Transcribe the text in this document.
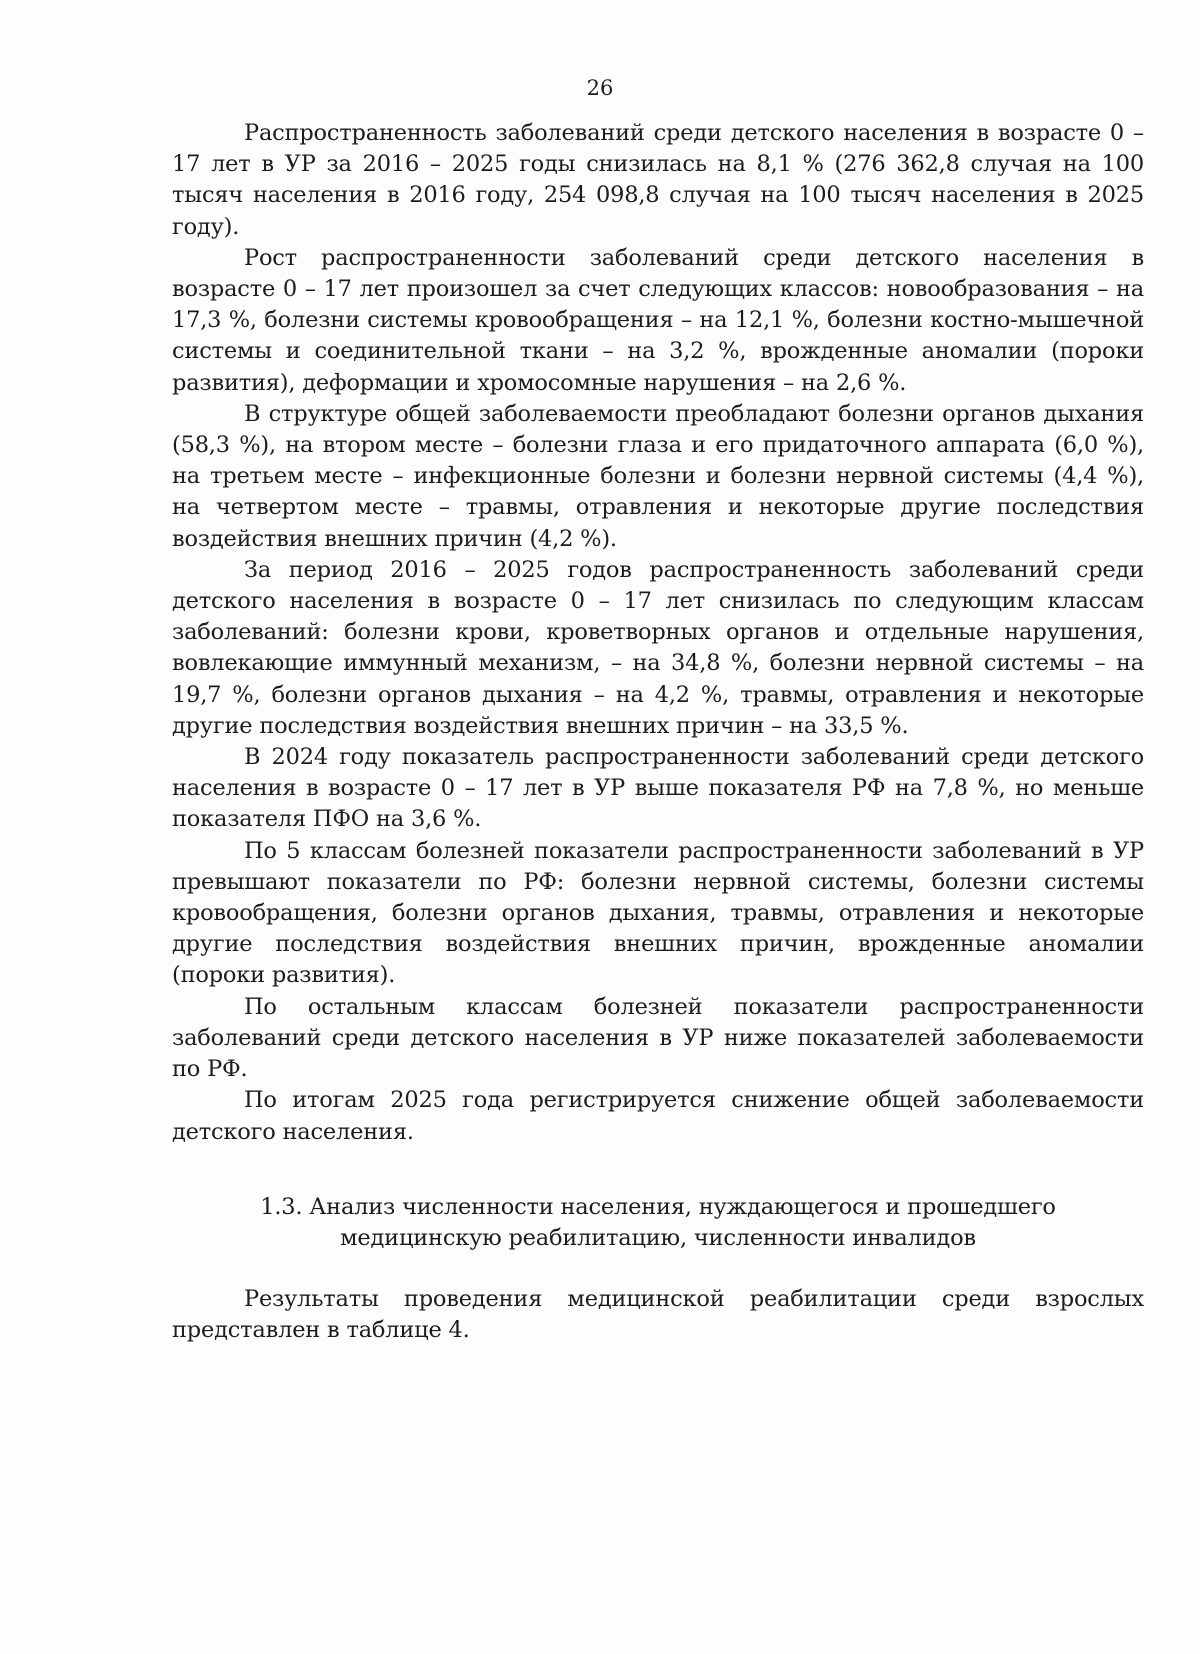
26

Распространенность заболеваний среди детского населения в возрасте 0 – 17 лет в УР за 2016 – 2025 годы снизилась на 8,1 % (276 362,8 случая на 100 тысяч населения в 2016 году, 254 098,8 случая на 100 тысяч населения в 2025 году).

Рост распространенности заболеваний среди детского населения в возрасте 0 – 17 лет произошел за счет следующих классов: новообразования – на 17,3 %, болезни системы кровообращения – на 12,1 %, болезни костно-мышечной системы и соединительной ткани – на 3,2 %, врожденные аномалии (пороки развития), деформации и хромосомные нарушения – на 2,6 %.

В структуре общей заболеваемости преобладают болезни органов дыхания (58,3 %), на втором месте – болезни глаза и его придаточного аппарата (6,0 %), на третьем месте – инфекционные болезни и болезни нервной системы (4,4 %), на четвертом месте – травмы, отравления и некоторые другие последствия воздействия внешних причин (4,2 %).

За период 2016 – 2025 годов распространенность заболеваний среди детского населения в возрасте 0 – 17 лет снизилась по следующим классам заболеваний: болезни крови, кроветворных органов и отдельные нарушения, вовлекающие иммунный механизм, – на 34,8 %, болезни нервной системы – на 19,7 %, болезни органов дыхания – на 4,2 %, травмы, отравления и некоторые другие последствия воздействия внешних причин – на 33,5 %.

В 2024 году показатель распространенности заболеваний среди детского населения в возрасте 0 – 17 лет в УР выше показателя РФ на 7,8 %, но меньше показателя ПФО на 3,6 %.

По 5 классам болезней показатели распространенности заболеваний в УР превышают показатели по РФ: болезни нервной системы, болезни системы кровообращения, болезни органов дыхания, травмы, отравления и некоторые другие последствия воздействия внешних причин, врожденные аномалии (пороки развития).

По остальным классам болезней показатели распространенности заболеваний среди детского населения в УР ниже показателей заболеваемости по РФ.

По итогам 2025 года регистрируется снижение общей заболеваемости детского населения.

1.3. Анализ численности населения, нуждающегося и прошедшего
медицинскую реабилитацию, численности инвалидов

Результаты проведения медицинской реабилитации среди взрослых представлен в таблице 4.
